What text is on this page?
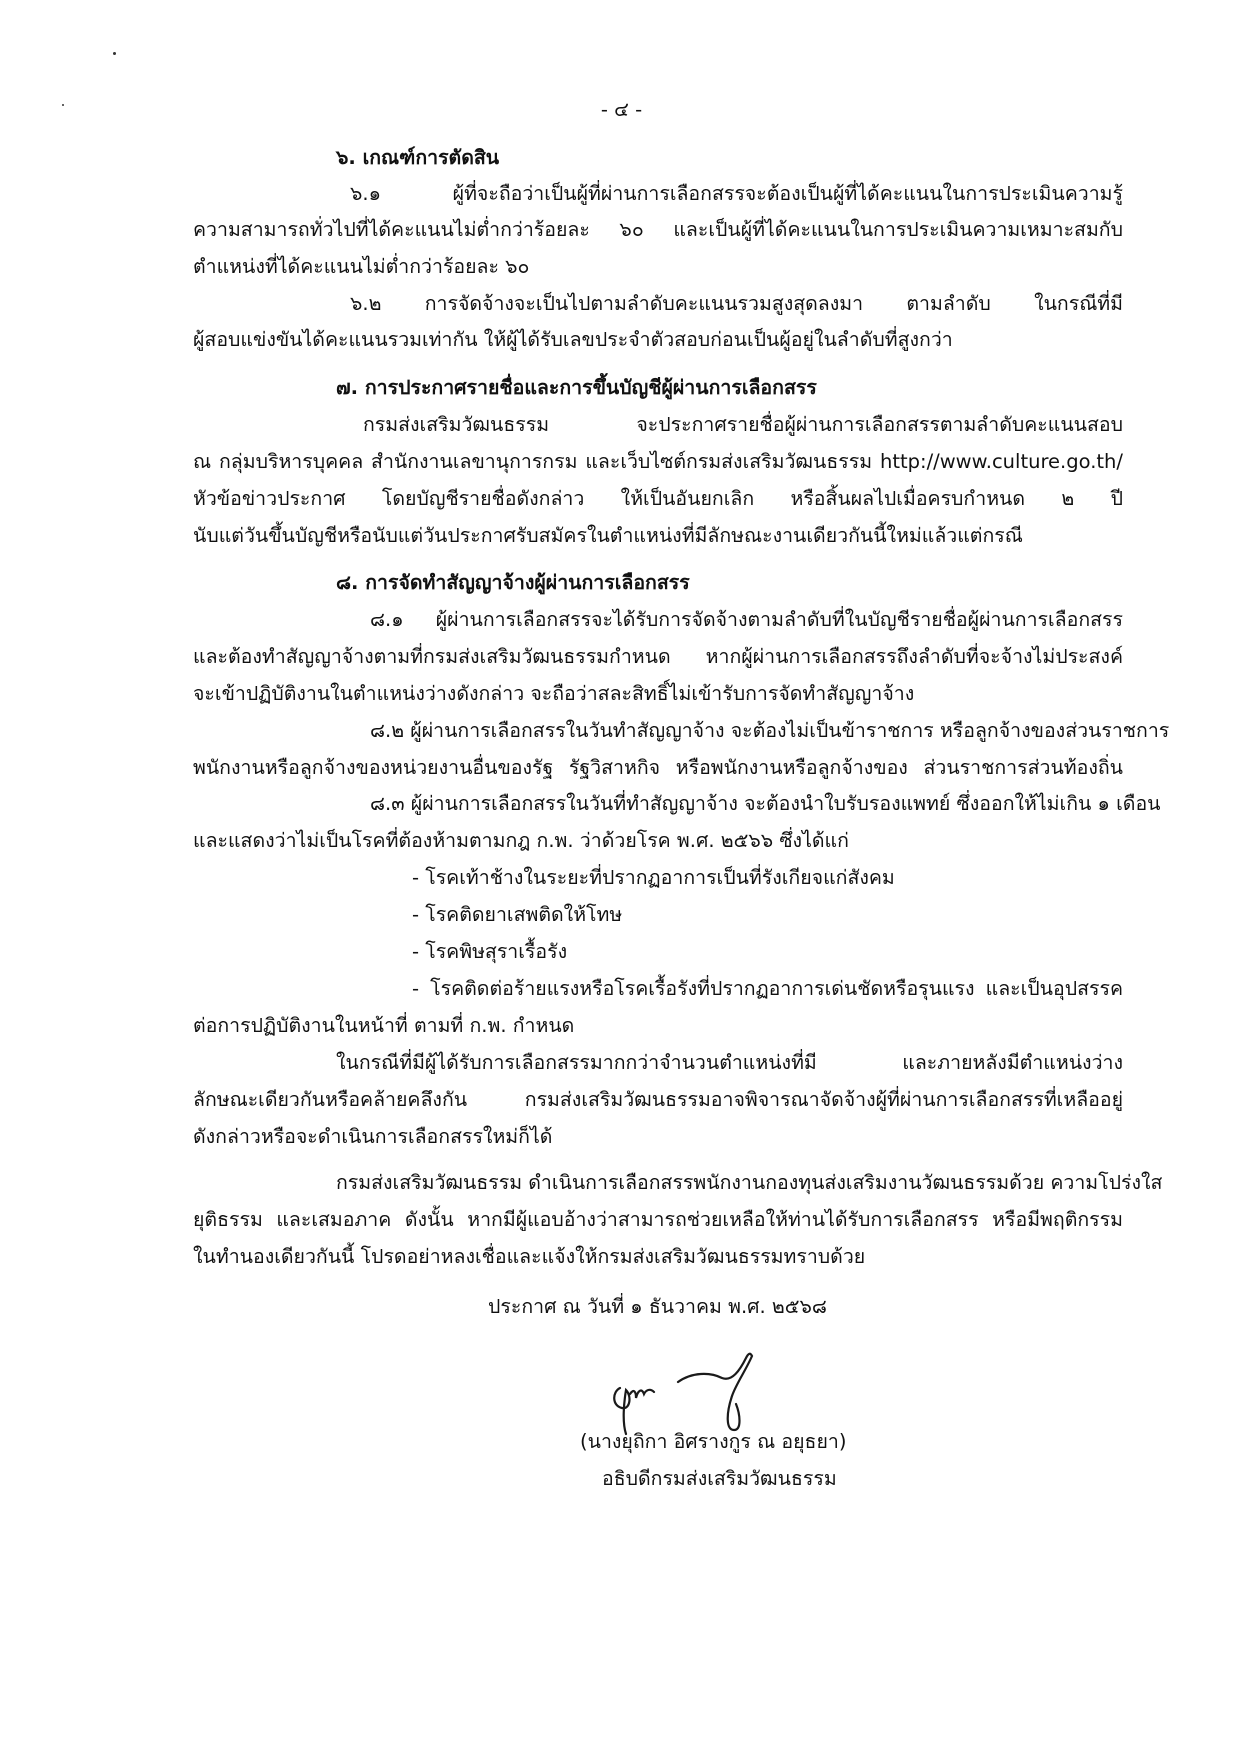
- ๔ -
๖. เกณฑ์การตัดสิน
๖.๑ ผู้ที่จะถือว่าเป็นผู้ที่ผ่านการเลือกสรรจะต้องเป็นผู้ที่ได้คะแนนในการประเมินความรู้
ความสามารถทั่วไปที่ได้คะแนนไม่ต่ำกว่าร้อยละ ๖๐ และเป็นผู้ที่ได้คะแนนในการประเมินความเหมาะสมกับ
ตำแหน่งที่ได้คะแนนไม่ต่ำกว่าร้อยละ ๖๐
๖.๒ การจัดจ้างจะเป็นไปตามลำดับคะแนนรวมสูงสุดลงมา ตามลำดับ ในกรณีที่มี
ผู้สอบแข่งขันได้คะแนนรวมเท่ากัน ให้ผู้ได้รับเลขประจำตัวสอบก่อนเป็นผู้อยู่ในลำดับที่สูงกว่า
๗. การประกาศรายชื่อและการขึ้นบัญชีผู้ผ่านการเลือกสรร
กรมส่งเสริมวัฒนธรรม จะประกาศรายชื่อผู้ผ่านการเลือกสรรตามลำดับคะแนนสอบ
ณ กลุ่มบริหารบุคคล สำนักงานเลขานุการกรม และเว็บไซต์กรมส่งเสริมวัฒนธรรม http://www.culture.go.th/
หัวข้อข่าวประกาศ โดยบัญชีรายชื่อดังกล่าว ให้เป็นอันยกเลิก หรือสิ้นผลไปเมื่อครบกำหนด ๒ ปี
นับแต่วันขึ้นบัญชีหรือนับแต่วันประกาศรับสมัครในตำแหน่งที่มีลักษณะงานเดียวกันนี้ใหม่แล้วแต่กรณี
๘. การจัดทำสัญญาจ้างผู้ผ่านการเลือกสรร
๘.๑ ผู้ผ่านการเลือกสรรจะได้รับการจัดจ้างตามลำดับที่ในบัญชีรายชื่อผู้ผ่านการเลือกสรร
และต้องทำสัญญาจ้างตามที่กรมส่งเสริมวัฒนธรรมกำหนด หากผู้ผ่านการเลือกสรรถึงลำดับที่จะจ้างไม่ประสงค์
จะเข้าปฏิบัติงานในตำแหน่งว่างดังกล่าว จะถือว่าสละสิทธิ์ไม่เข้ารับการจัดทำสัญญาจ้าง
๘.๒ ผู้ผ่านการเลือกสรรในวันทำสัญญาจ้าง จะต้องไม่เป็นข้าราชการ หรือลูกจ้างของส่วนราชการ
พนักงานหรือลูกจ้างของหน่วยงานอื่นของรัฐ รัฐวิสาหกิจ หรือพนักงานหรือลูกจ้างของ ส่วนราชการส่วนท้องถิ่น
๘.๓ ผู้ผ่านการเลือกสรรในวันที่ทำสัญญาจ้าง จะต้องนำใบรับรองแพทย์ ซึ่งออกให้ไม่เกิน ๑ เดือน
และแสดงว่าไม่เป็นโรคที่ต้องห้ามตามกฎ ก.พ. ว่าด้วยโรค พ.ศ. ๒๕๖๖ ซึ่งได้แก่
- โรคเท้าช้างในระยะที่ปรากฏอาการเป็นที่รังเกียจแก่สังคม
- โรคติดยาเสพติดให้โทษ
- โรคพิษสุราเรื้อรัง
- โรคติดต่อร้ายแรงหรือโรคเรื้อรังที่ปรากฏอาการเด่นชัดหรือรุนแรง และเป็นอุปสรรค
ต่อการปฏิบัติงานในหน้าที่ ตามที่ ก.พ. กำหนด
ในกรณีที่มีผู้ได้รับการเลือกสรรมากกว่าจำนวนตำแหน่งที่มี และภายหลังมีตำแหน่งว่าง
ลักษณะเดียวกันหรือคล้ายคลึงกัน กรมส่งเสริมวัฒนธรรมอาจพิจารณาจัดจ้างผู้ที่ผ่านการเลือกสรรที่เหลืออยู่
ดังกล่าวหรือจะดำเนินการเลือกสรรใหม่ก็ได้
กรมส่งเสริมวัฒนธรรม ดำเนินการเลือกสรรพนักงานกองทุนส่งเสริมงานวัฒนธรรมด้วย ความโปร่งใส
ยุติธรรม และเสมอภาค ดังนั้น หากมีผู้แอบอ้างว่าสามารถช่วยเหลือให้ท่านได้รับการเลือกสรร หรือมีพฤติกรรม
ในทำนองเดียวกันนี้ โปรดอย่าหลงเชื่อและแจ้งให้กรมส่งเสริมวัฒนธรรมทราบด้วย
ประกาศ ณ วันที่ ๑ ธันวาคม พ.ศ. ๒๕๖๘
(นางยุถิกา อิศรางกูร ณ อยุธยา)
อธิบดีกรมส่งเสริมวัฒนธรรม
